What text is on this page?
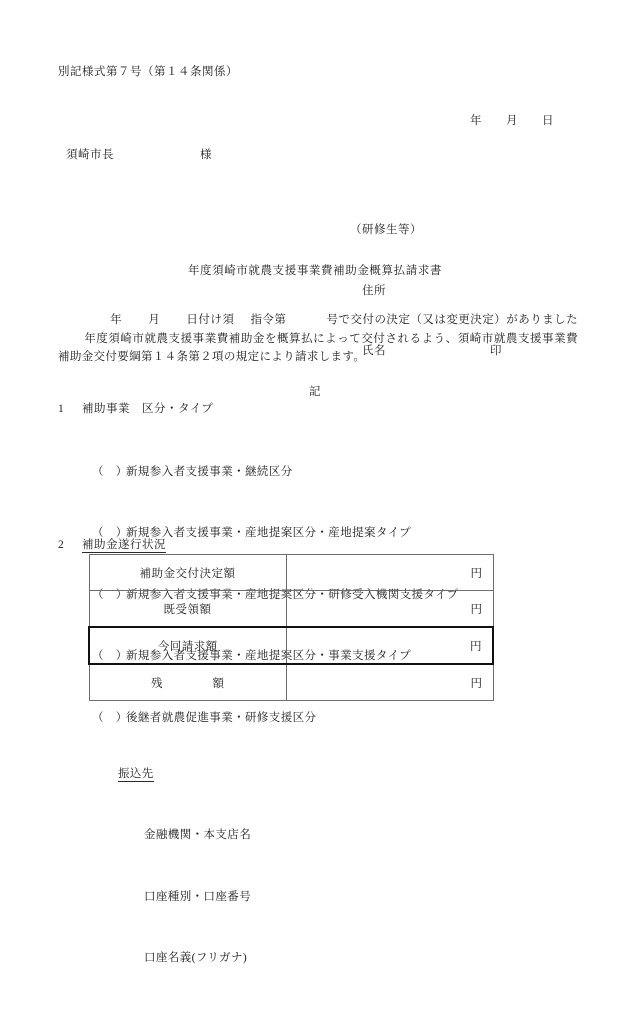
別記様式第７号（第１４条関係）
年　　月　　日
須崎市長	様

（研修生等）

住所

氏名	印

年度須崎市就農支援事業費補助金概算払請求書
年 月 日付け須 指令第	号で交付の決定（又は変更決定）がありました年度須崎市就農支援事業費補助金を概算払によって交付されるよう、須崎市就農支援事業費補助金交付要綱第１４条第２項の規定により請求します。
記
1 補助事業 区分・タイプ

（　）新規参入者支援事業・継続区分

（　）新規参入者支援事業・産地提案区分・産地提案タイプ

（　）新規参入者支援事業・産地提案区分・研修受入機関支援タイプ

（　）新規参入者支援事業・産地提案区分・事業支援タイプ

（　）後継者就農促進事業・研修支援区分

2 補助金遂行状況
補助金交付決定額	円
既受領額	円
今回請求額	円
残　　額	円

振込先

金融機関・本支店名

口座種別・口座番号

口座名義(フリガナ)
